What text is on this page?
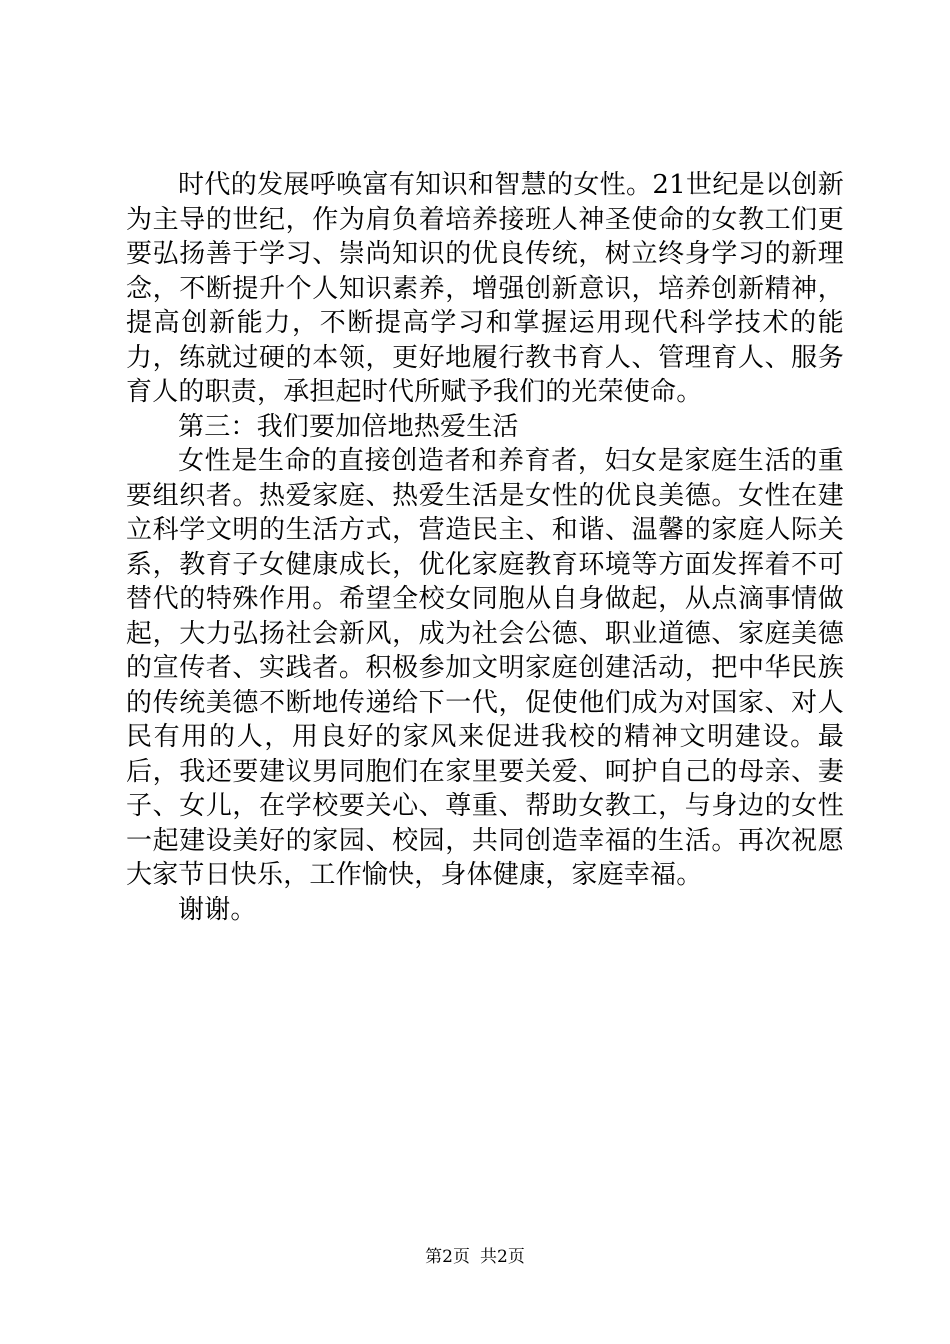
时代的发展呼唤富有知识和智慧的女性。21世纪是以创新为主导的世纪，作为肩负着培养接班人神圣使命的女教工们更要弘扬善于学习、崇尚知识的优良传统，树立终身学习的新理念，不断提升个人知识素养，增强创新意识，培养创新精神，提高创新能力，不断提高学习和掌握运用现代科学技术的能力，练就过硬的本领，更好地履行教书育人、管理育人、服务育人的职责，承担起时代所赋予我们的光荣使命。

第三：我们要加倍地热爱生活

女性是生命的直接创造者和养育者，妇女是家庭生活的重要组织者。热爱家庭、热爱生活是女性的优良美德。女性在建立科学文明的生活方式，营造民主、和谐、温馨的家庭人际关系，教育子女健康成长，优化家庭教育环境等方面发挥着不可替代的特殊作用。希望全校女同胞从自身做起，从点滴事情做起，大力弘扬社会新风，成为社会公德、职业道德、家庭美德的宣传者、实践者。积极参加文明家庭创建活动，把中华民族的传统美德不断地传递给下一代，促使他们成为对国家、对人民有用的人，用良好的家风来促进我校的精神文明建设。最后，我还要建议男同胞们在家里要关爱、呵护自己的母亲、妻子、女儿，在学校要关心、尊重、帮助女教工，与身边的女性一起建设美好的家园、校园，共同创造幸福的生活。再次祝愿大家节日快乐，工作愉快，身体健康，家庭幸福。

谢谢。

第2页 共2页
